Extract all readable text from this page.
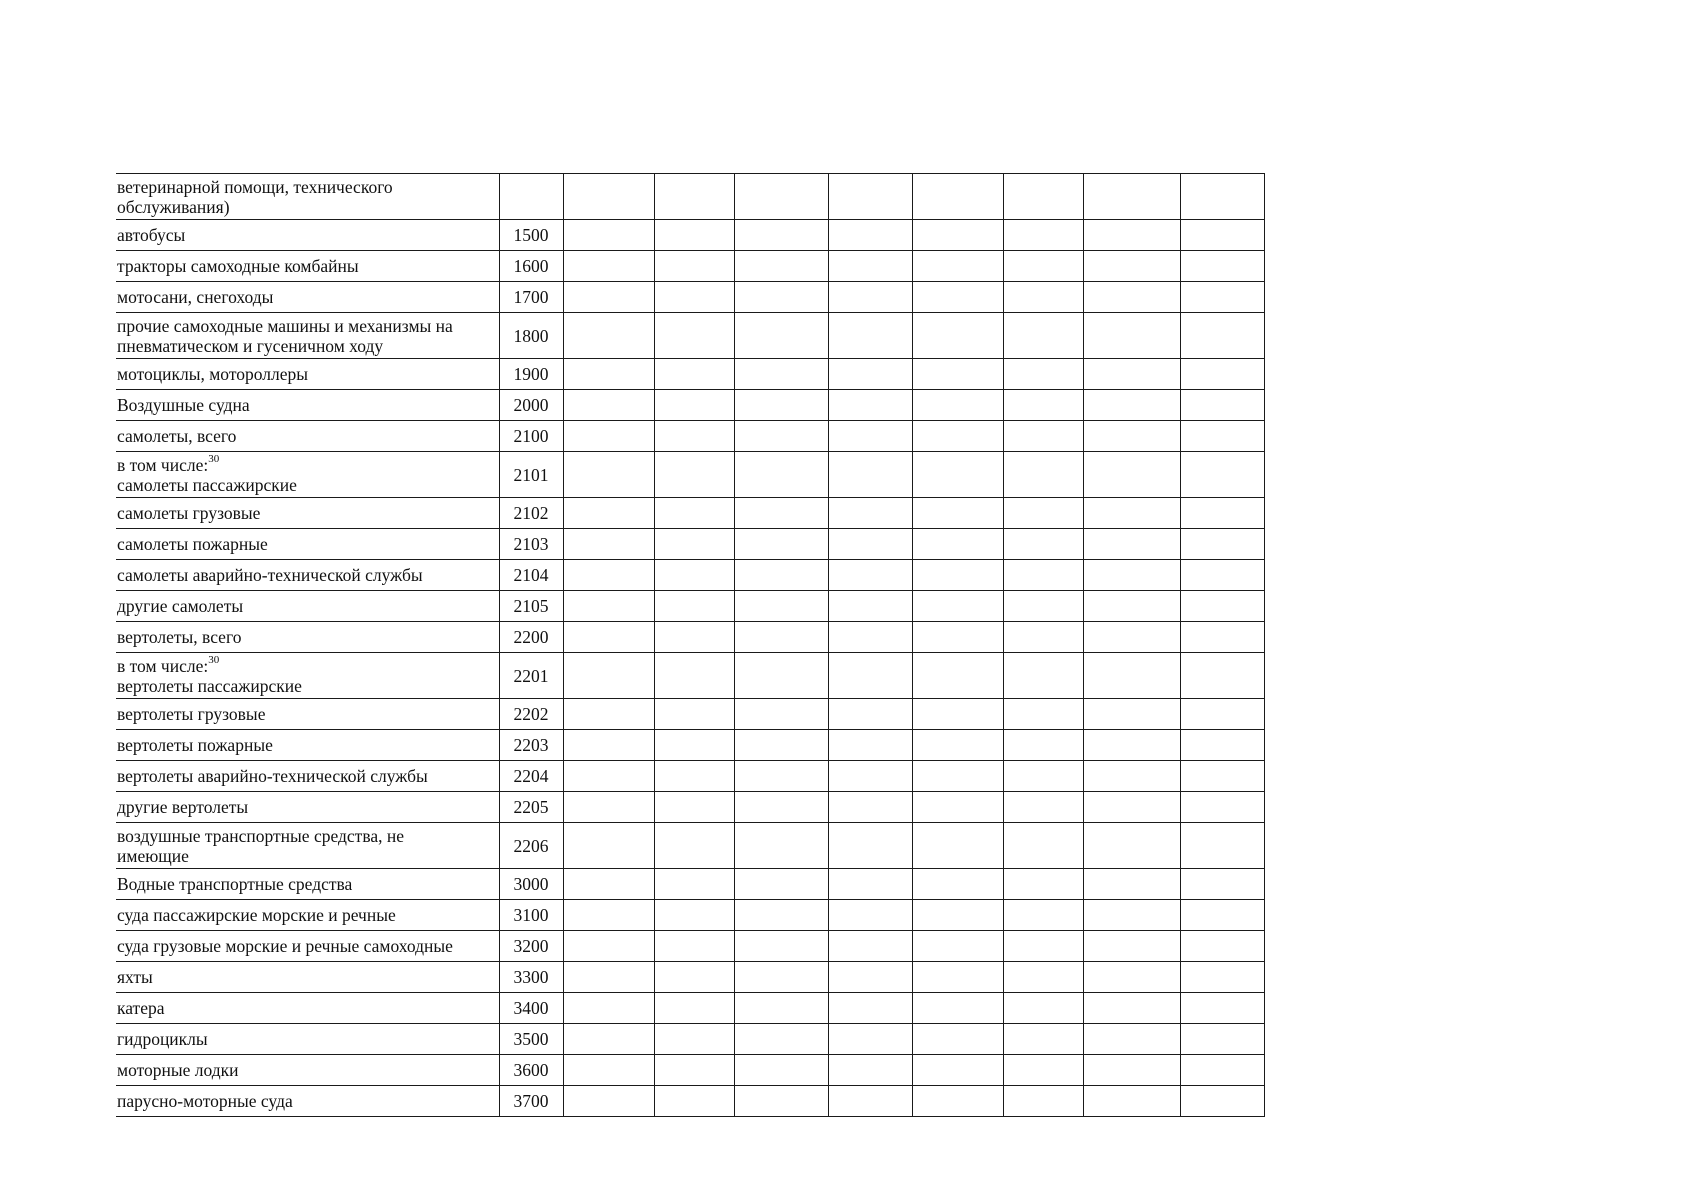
ветеринарной помощи, технического
обслуживания)									

автобусы	1500								

тракторы самоходные комбайны	1600								

мотосани, снегоходы	1700								

прочие самоходные машины и механизмы на
пневматическом и гусеничном ходу	1800								

мотоциклы, мотороллеры	1900								

Воздушные судна	2000								

самолеты, всего	2100								

в том числе:$^{30}$
самолеты пассажирские	2101								

самолеты грузовые	2102								

самолеты пожарные	2103								

самолеты аварийно-технической службы	2104								

другие самолеты	2105								

вертолеты, всего	2200								

в том числе:$^{30}$
вертолеты пассажирские	2201								

вертолеты грузовые	2202								

вертолеты пожарные	2203								

вертолеты аварийно-технической службы	2204								

другие вертолеты	2205								

воздушные транспортные средства, не
имеющие	2206								

Водные транспортные средства	3000								

суда пассажирские морские и речные	3100								

суда грузовые морские и речные самоходные	3200								

яхты	3300								

катера	3400								

гидроциклы	3500								

моторные лодки	3600								

парусно-моторные суда	3700								
